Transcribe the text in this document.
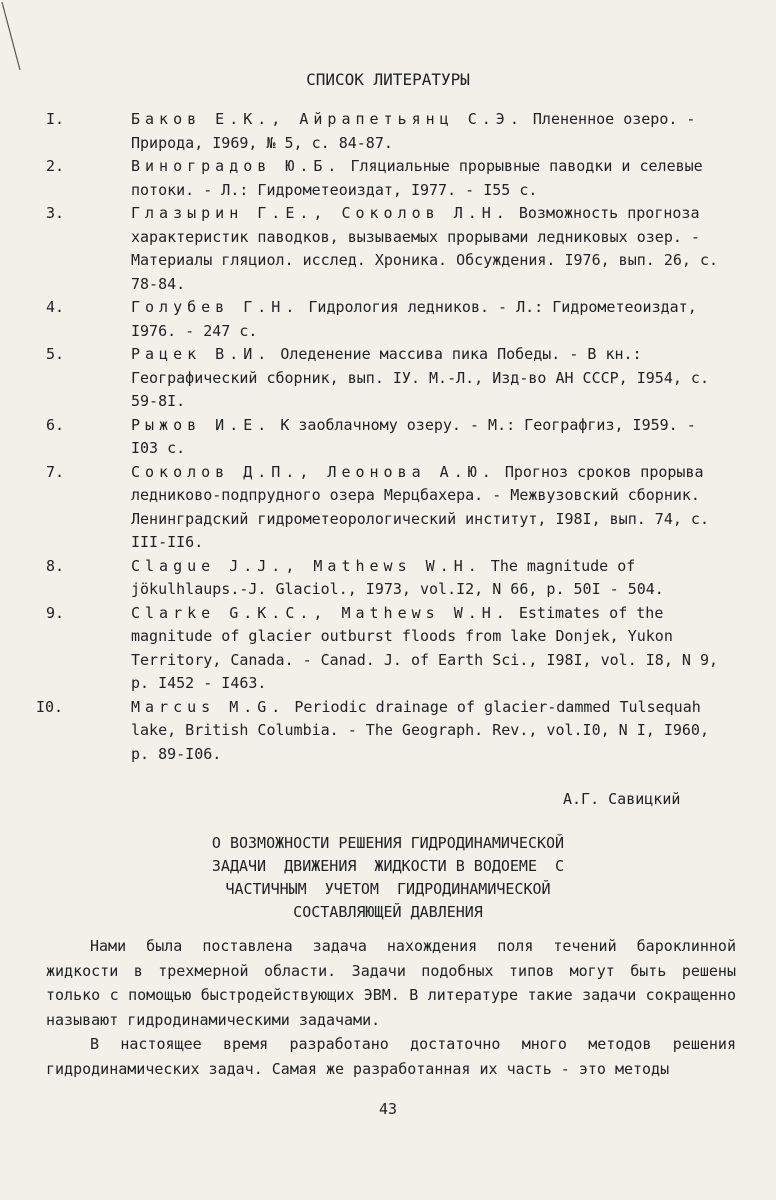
СПИСОК ЛИТЕРАТУРЫ
I.	Баков Е.К., Айрапетьянц С.Э. Плененное озеро. - Природа, I969, № 5, с. 84-87.
2.	Виноградов Ю.Б. Гляциальные прорывные паводки и селевые потоки. - Л.: Гидрометеоиздат, I977. - I55 с.
3.	Глазырин Г.Е., Соколов Л.Н. Возможность прогноза характеристик паводков, вызываемых прорывами ледниковых озер. - Материалы гляциол. исслед. Хроника. Обсуждения. I976, вып. 26, с. 78-84.
4.	Голубев Г.Н. Гидрология ледников. - Л.: Гидрометеоиздат, I976. - 247 с.
5.	Рацек В.И. Оледенение массива пика Победы. - В кн.: Географический сборник, вып. IУ. М.-Л., Изд-во АН СССР, I954, с. 59-8I.
6.	Рыжов И.Е. К заоблачному озеру. - М.: Географгиз, I959. - I03 с.
7.	Соколов Д.П., Леонова А.Ю. Прогноз сроков прорыва ледниково-подпрудного озера Мерцбахера. - Межвузовский сборник. Ленинградский гидрометеорологический институт, I98I, вып. 74, с. III-II6.
8.	Clague J.J., Mathews W.H. The magnitude of jökulhlaups.-J. Glaciol., I973, vol.I2, N 66, p. 50I - 504.
9.	Clarke G.K.C., Mathews W.H. Estimates of the magnitude of glacier outburst floods from lake Donjek, Yukon Territory, Canada. - Canad. J. of Earth Sci., I98I, vol. I8, N 9, p. I452 - I463.
I0.	Marcus M.G. Periodic drainage of glacier-dammed Tulsequah lake, British Columbia. - The Geograph. Rev., vol.I0, N I, I960, p. 89-I06.
А.Г. Савицкий
О ВОЗМОЖНОСТИ РЕШЕНИЯ ГИДРОДИНАМИЧЕСКОЙ
ЗАДАЧИ  ДВИЖЕНИЯ  ЖИДКОСТИ В ВОДОЕМЕ  С
ЧАСТИЧНЫМ  УЧЕТОМ  ГИДРОДИНАМИЧЕСКОЙ
СОСТАВЛЯЮЩЕЙ ДАВЛЕНИЯ

Нами была поставлена задача нахождения поля течений бароклинной жидкости в трехмерной области. Задачи подобных типов могут быть решены только с помощью быстродействующих ЭВМ. В литературе такие задачи сокращенно называют гидродинамическими задачами.

В настоящее время разработано достаточно много методов решения гидродинамических задач. Самая же разработанная их часть - это методы

43
